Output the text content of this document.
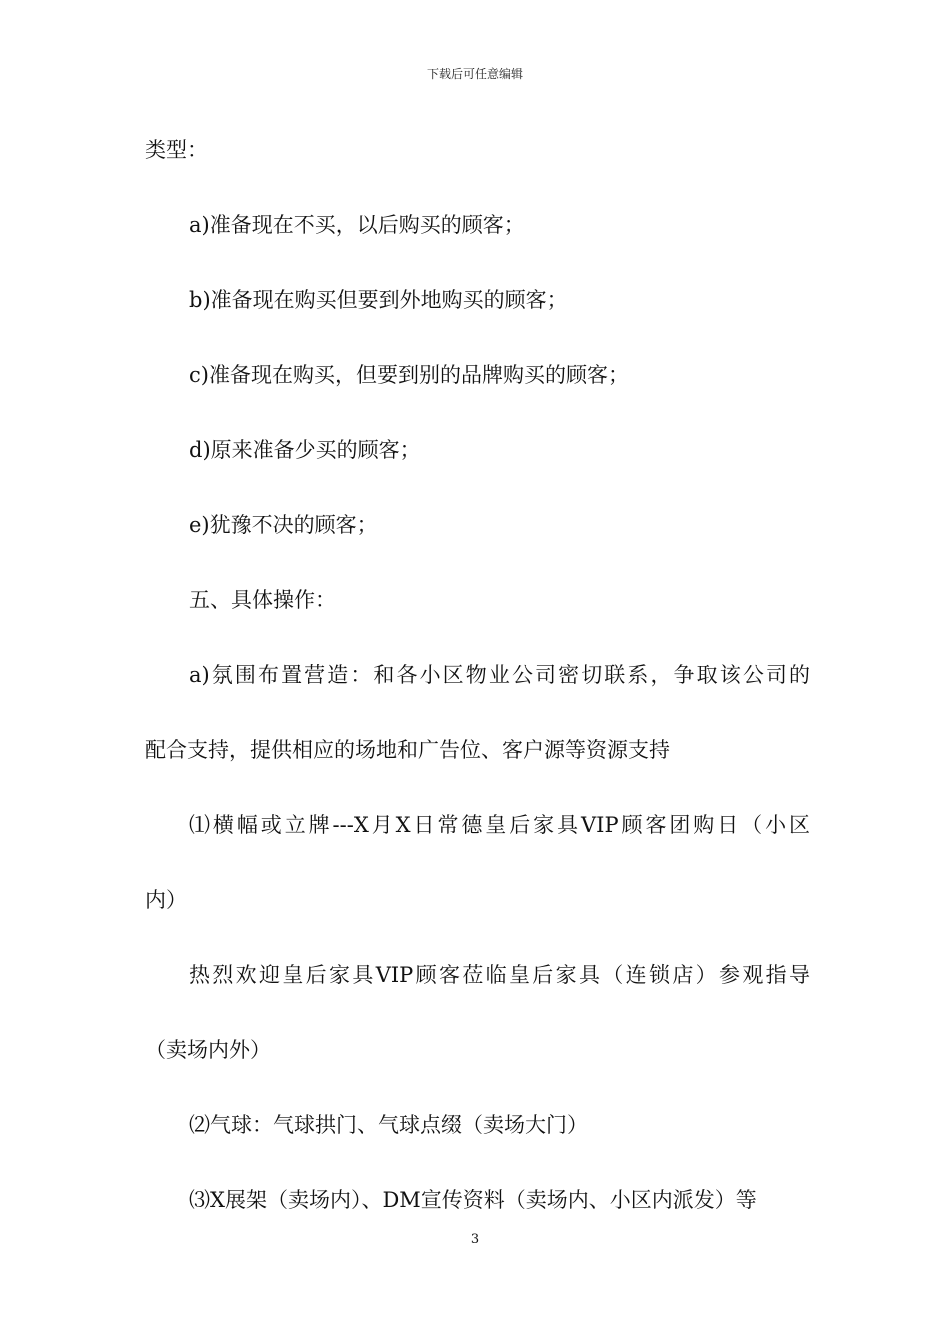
下载后可任意编辑
类型：
a)准备现在不买，以后购买的顾客；
b)准备现在购买但要到外地购买的顾客；
c)准备现在购买，但要到别的品牌购买的顾客；
d)原来准备少买的顾客；
e)犹豫不决的顾客；
五、具体操作：
a)氛围布置营造：和各小区物业公司密切联系，争取该公司的
配合支持，提供相应的场地和广告位、客户源等资源支持
⑴横幅或立牌---X月X日常德皇后家具VIP顾客团购日（小区
内）
热烈欢迎皇后家具VIP顾客莅临皇后家具（连锁店）参观指导
（卖场内外）
⑵气球：气球拱门、气球点缀（卖场大门）
⑶X展架（卖场内）、DM宣传资料（卖场内、小区内派发）等
3
